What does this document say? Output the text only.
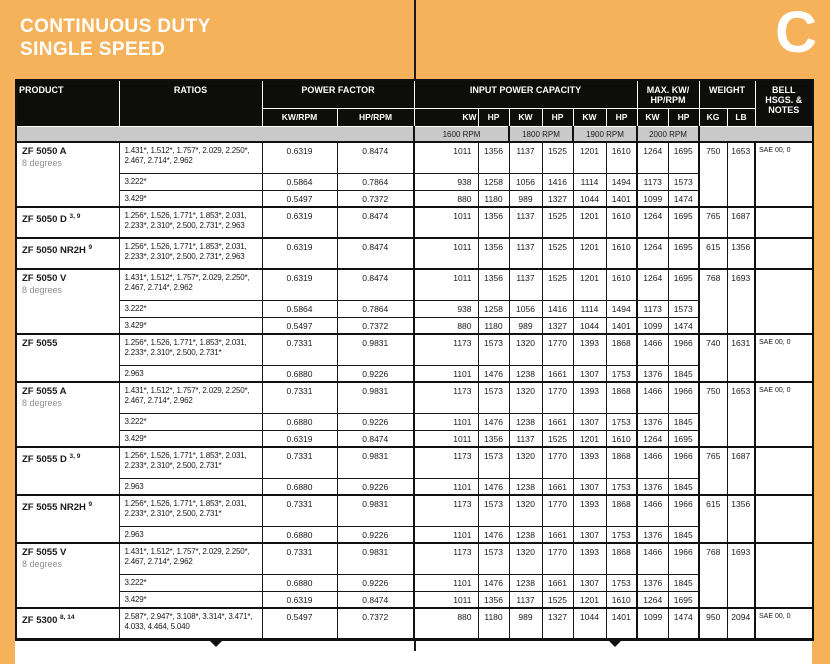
CONTINUOUS DUTY
SINGLE SPEED	C
PRODUCT	RATIOS	POWER FACTOR		INPUT POWER CAPACITY						MAX. KW/ HP/RPM		WEIGHT		BELL HSGS. & NOTES
		KW/RPM	HP/RPM	KW	HP	KW	HP	KW	HP	KW	HP	KG	LB	
				1600 RPM		1800 RPM		1900 RPM		2000 RPM				
ZF 5050 A
8 degrees	1.431*, 1.512*, 1.757*, 2.029, 2.250*, 2.467, 2.714*, 2.962	0.6319	0.8474	1011	1356	1137	1525	1201	1610	1264	1695	750	1653	SAE 00, 0
	3.222*	0.5864	0.7864	938	1258	1056	1416	1114	1494	1173	1573			
	3.429*	0.5497	0.7372	880	1180	989	1327	1044	1401	1099	1474			
ZF 5050 D $^{3, 9}$	1.256*, 1.526, 1.771*, 1.853*, 2.031, 2.233*, 2.310*, 2.500, 2.731*, 2.963	0.6319	0.8474	1011	1356	1137	1525	1201	1610	1264	1695	765	1687	
ZF 5050 NR2H $^9$	1.256*, 1.526, 1.771*, 1.853*, 2.031, 2.233*, 2.310*, 2.500, 2.731*, 2.963	0.6319	0.8474	1011	1356	1137	1525	1201	1610	1264	1695	615	1356	
ZF 5050 V
8 degrees	1.431*, 1.512*, 1.757*, 2.029, 2.250*, 2.467, 2.714*, 2.962	0.6319	0.8474	1011	1356	1137	1525	1201	1610	1264	1695	768	1693	
	3.222*	0.5864	0.7864	938	1258	1056	1416	1114	1494	1173	1573			
	3.429*	0.5497	0.7372	880	1180	989	1327	1044	1401	1099	1474			
ZF 5055	1.256*, 1.526, 1.771*, 1.853*, 2.031, 2.233*, 2.310*, 2.500, 2.731*	0.7331	0.9831	1173	1573	1320	1770	1393	1868	1466	1966	740	1631	SAE 00, 0
	2.963	0.6880	0.9226	1101	1476	1238	1661	1307	1753	1376	1845			
ZF 5055 A
8 degrees	1.431*, 1.512*, 1.757*, 2.029, 2.250*, 2.467, 2.714*, 2.962	0.7331	0.9831	1173	1573	1320	1770	1393	1868	1466	1966	750	1653	SAE 00, 0
	3.222*	0.6880	0.9226	1101	1476	1238	1661	1307	1753	1376	1845			
	3.429*	0.6319	0.8474	1011	1356	1137	1525	1201	1610	1264	1695			
ZF 5055 D $^{3, 9}$	1.256*, 1.526, 1.771*, 1.853*, 2.031, 2.233*, 2.310*, 2.500, 2.731*	0.7331	0.9831	1173	1573	1320	1770	1393	1868	1466	1966	765	1687	
	2.963	0.6880	0.9226	1101	1476	1238	1661	1307	1753	1376	1845			
ZF 5055 NR2H $^9$	1.256*, 1.526, 1.771*, 1.853*, 2.031, 2.233*, 2.310*, 2.500, 2.731*	0.7331	0.9831	1173	1573	1320	1770	1393	1868	1466	1966	615	1356	
	2.963	0.6880	0.9226	1101	1476	1238	1661	1307	1753	1376	1845			
ZF 5055 V
8 degrees	1.431*, 1.512*, 1.757*, 2.029, 2.250*, 2.467, 2.714*, 2.962	0.7331	0.9831	1173	1573	1320	1770	1393	1868	1466	1966	768	1693	
	3.222*	0.6880	0.9226	1101	1476	1238	1661	1307	1753	1376	1845			
	3.429*	0.6319	0.8474	1011	1356	1137	1525	1201	1610	1264	1695			
ZF 5300 $^{8, 14}$	2.587*, 2.947*, 3.108*, 3.314*, 3.471*, 4.033, 4.464, 5.040	0.5497	0.7372	880	1180	989	1327	1044	1401	1099	1474	950	2094	SAE 00, 0
